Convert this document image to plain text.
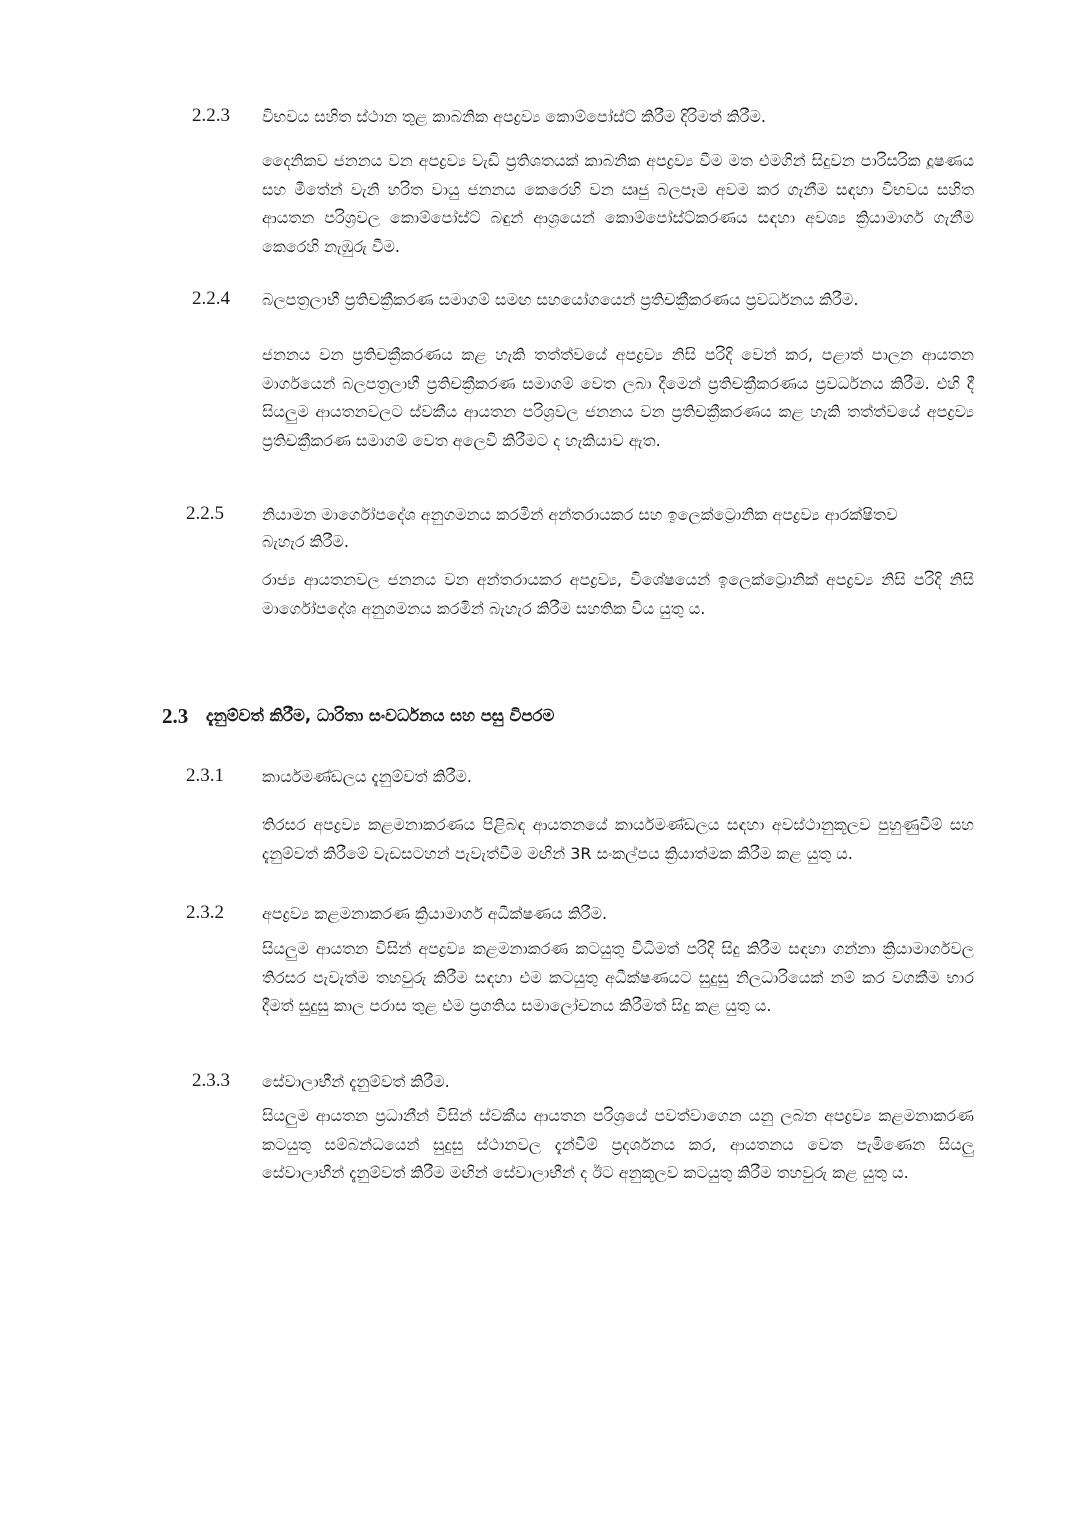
2.2.3 විභවය සහිත ස්ථාන තුළ කාබනික අපද්‍රව්‍ය කොම්පෝස්ට් කිරීම දිරිමත් කිරීම.
දෛනිකව ජනනය වන අපද්‍රව්‍ය වැඩි ප්‍රතිශතයක් කාබනික අපද්‍රව්‍ය වීම මත එමගින් සිදුවන පාරිසරික දූෂණය සහ මීතේන් වැනි හරිත වායු ජනනය කෙරෙහි වන ඍජු බලපෑම අවම කර ගැනීම සඳහා විභවය සහිත ආයතන පරිශ්‍රවල කොම්පෝස්ට් බඳුන් ආශ්‍රයෙන් කොම්පෝස්ට්කරණය සඳහා අවශ්‍ය ක්‍රියාමාර්ග ගැනීම කෙරෙහි නැඹුරු වීම.
2.2.4 බලපත්‍රලාභී ප්‍රතිචක්‍රීකරණ සමාගම් සමඟ සහයෝගයෙන් ප්‍රතිචක්‍රීකරණය ප්‍රවර්ධනය කිරීම.
ජනනය වන ප්‍රතිචක්‍රීකරණය කළ හැකි තත්ත්වයේ අපද්‍රව්‍ය නිසි පරිදි වෙන් කර, පළාත් පාලන ආයතන මාර්ගයෙන් බලපත්‍රලාභී ප්‍රතිචක්‍රීකරණ සමාගම් වෙත ලබා දීමෙන් ප්‍රතිචක්‍රීකරණය ප්‍රවර්ධනය කිරීම. එහි දී සියලුම ආයතනවලට ස්වකීය ආයතන පරිශ්‍රවල ජනනය වන ප්‍රතිචක්‍රීකරණය කළ හැකි තත්ත්වයේ අපද්‍රව්‍ය ප්‍රතිචක්‍රීකරණ සමාගම් වෙත අලෙවි කිරීමට ද හැකියාව ඇත.
2.2.5 නියාමන මාර්ගෝපදේශ අනුගමනය කරමින් අන්තරායකර සහ ඉලෙක්ට්‍රොනික අපද්‍රව්‍ය ආරක්ෂිතව බැහැර කිරීම.
රාජ්‍ය ආයතනවල ජනනය වන අන්තරායකර අපද්‍රව්‍ය, විශේෂයෙන් ඉලෙක්ට්‍රොනික් අපද්‍රව්‍ය නිසි පරිදි නිසි මාර්ගෝපදේශ අනුගමනය කරමින් බැහැර කිරීම සහතික විය යුතු ය.
2.3 දැනුම්වත් කිරීම, ධාරිතා සංවර්ධනය සහ පසු විපරම
2.3.1 කාර්යමණ්ඩලය දැනුම්වත් කිරීම.
තිරසර අපද්‍රව්‍ය කළමනාකරණය පිළිබඳ ආයතනයේ කාර්යමණ්ඩලය සඳහා අවස්ථානුකූලව පුහුණුවීම් සහ දැනුම්වත් කිරීමේ වැඩසටහන් පැවැත්වීම මඟින් 3R සංකල්පය ක්‍රියාත්මක කිරීම කළ යුතු ය.
2.3.2 අපද්‍රව්‍ය කළමනාකරණ ක්‍රියාමාර්ග අධීක්ෂණය කිරීම.
සියලුම ආයතන විසින් අපද්‍රව්‍ය කළමනාකරණ කටයුතු විධිමත් පරිදි සිදු කිරීම සඳහා ගන්නා ක්‍රියාමාර්ගවල තිරසර පැවැත්ම තහවුරු කිරීම සඳහා එම කටයුතු අධීක්ෂණයට සුදුසු නිලධාරියෙක් නම් කර වගකීම භාර දීමත් සුදුසු කාල පරාස තුළ එම ප්‍රගතිය සමාලෝචනය කිරීමත් සිදු කළ යුතු ය.
2.3.3 සේවාලාභීන් දැනුම්වත් කිරීම.
සියලුම ආයතන ප්‍රධානීන් විසින් ස්වකීය ආයතන පරිශ්‍රයේ පවත්වාගෙන යනු ලබන අපද්‍රව්‍ය කළමනාකරණ කටයුතු සම්බන්ධයෙන් සුදුසු ස්ථානවල දැන්වීම් ප්‍රදර්ශනය කර, ආයතනය වෙත පැමිණෙන සියලු සේවාලාභීන් දැනුම්වත් කිරීම මඟින් සේවාලාභීන් ද ඊට අනුකූලව කටයුතු කිරීම තහවුරු කළ යුතු ය.
